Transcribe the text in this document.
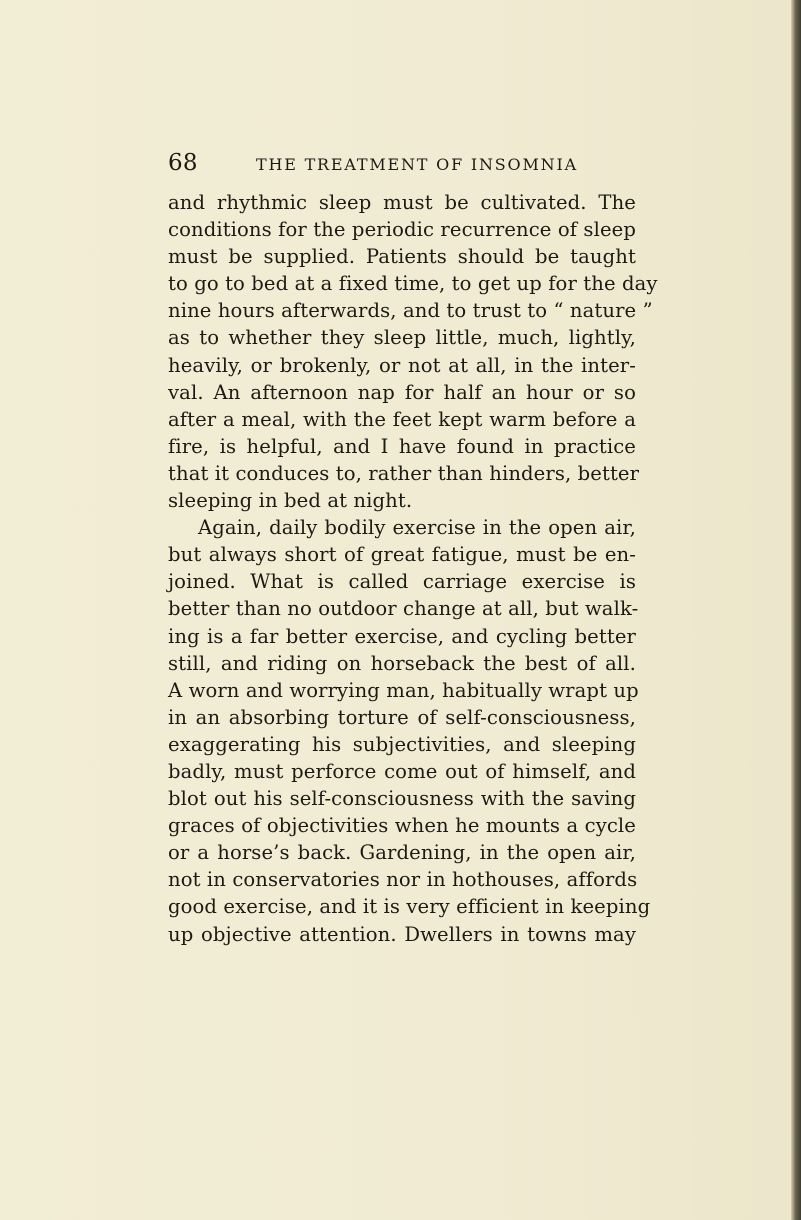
68	THE TREATMENT OF INSOMNIA
and rhythmic sleep must be cultivated. The
conditions for the periodic recurrence of sleep
must be supplied. Patients should be taught
to go to bed at a fixed time, to get up for the day
nine hours afterwards, and to trust to “ nature ”
as to whether they sleep little, much, lightly,
heavily, or brokenly, or not at all, in the inter-
val. An afternoon nap for half an hour or so
after a meal, with the feet kept warm before a
fire, is helpful, and I have found in practice
that it conduces to, rather than hinders, better
sleeping in bed at night.
Again, daily bodily exercise in the open air,
but always short of great fatigue, must be en-
joined. What is called carriage exercise is
better than no outdoor change at all, but walk-
ing is a far better exercise, and cycling better
still, and riding on horseback the best of all.
A worn and worrying man, habitually wrapt up
in an absorbing torture of self-consciousness,
exaggerating his subjectivities, and sleeping
badly, must perforce come out of himself, and
blot out his self-consciousness with the saving
graces of objectivities when he mounts a cycle
or a horse’s back. Gardening, in the open air,
not in conservatories nor in hothouses, affords
good exercise, and it is very efficient in keeping
up objective attention. Dwellers in towns may
